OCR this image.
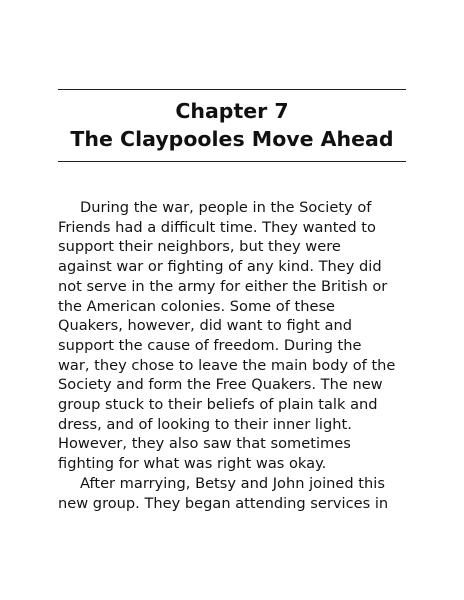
Chapter 7
The Claypooles Move Ahead
During the war, people in the Society of
Friends had a difficult time. They wanted to
support their neighbors, but they were
against war or fighting of any kind. They did
not serve in the army for either the British or
the American colonies. Some of these
Quakers, however, did want to fight and
support the cause of freedom. During the
war, they chose to leave the main body of the
Society and form the Free Quakers. The new
group stuck to their beliefs of plain talk and
dress, and of looking to their inner light.
However, they also saw that sometimes
fighting for what was right was okay.
After marrying, Betsy and John joined this
new group. They began attending services in
